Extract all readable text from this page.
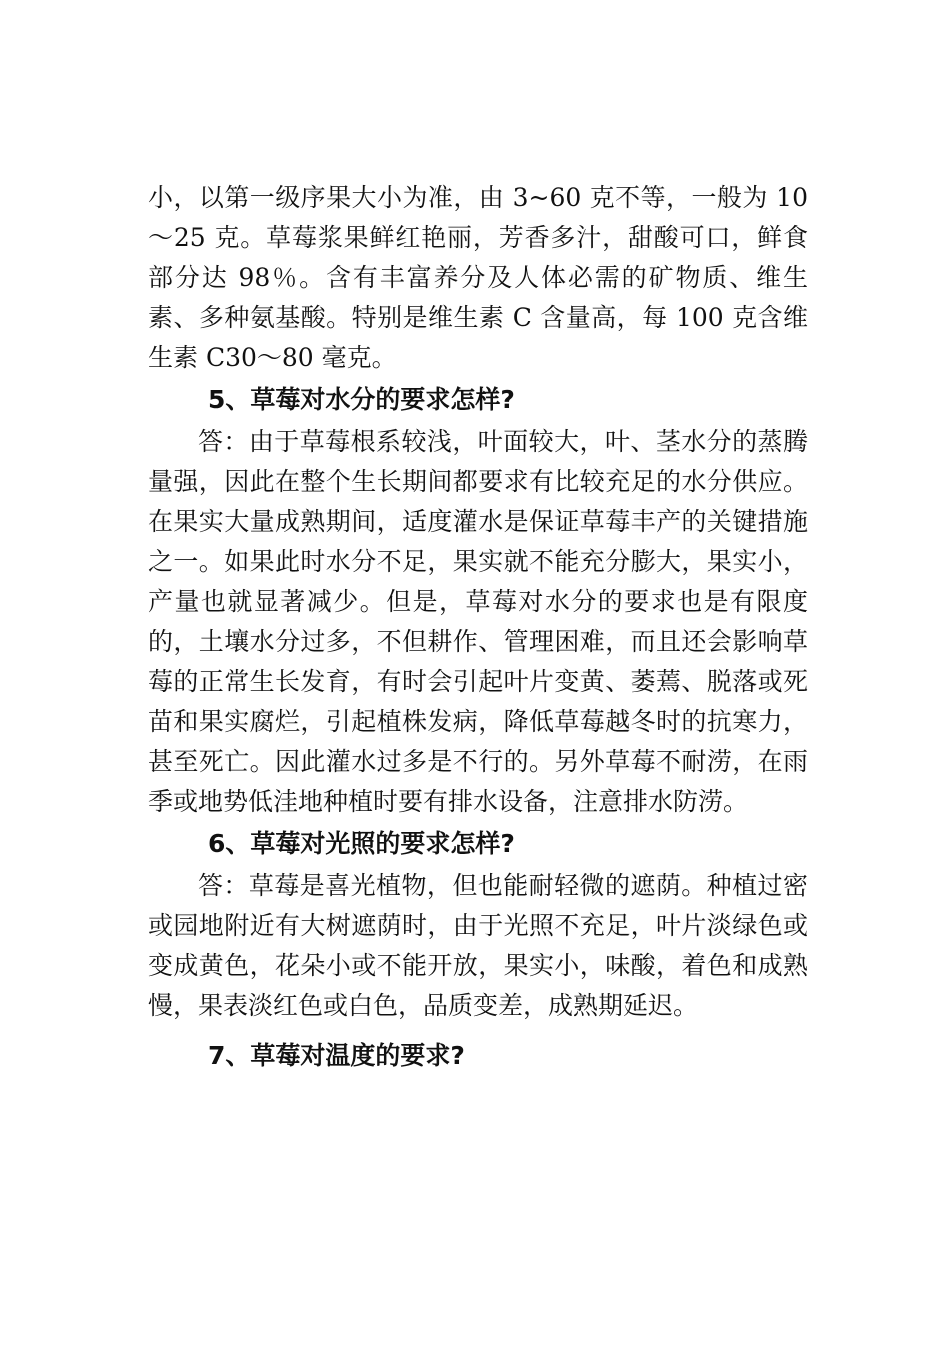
小，以第一级序果大小为准，由 3~60 克不等，一般为 10～25 克。草莓浆果鲜红艳丽，芳香多汁，甜酸可口，鲜食部分达 98％。含有丰富养分及人体必需的矿物质、维生素、多种氨基酸。特别是维生素 C 含量高，每 100 克含维生素 C30～80 毫克。

5、草莓对水分的要求怎样?

答：由于草莓根系较浅，叶面较大，叶、茎水分的蒸腾量强，因此在整个生长期间都要求有比较充足的水分供应。在果实大量成熟期间，适度灌水是保证草莓丰产的关键措施之一。如果此时水分不足，果实就不能充分膨大，果实小，产量也就显著减少。但是，草莓对水分的要求也是有限度的，土壤水分过多，不但耕作、管理困难，而且还会影响草莓的正常生长发育，有时会引起叶片变黄、萎蔫、脱落或死苗和果实腐烂，引起植株发病，降低草莓越冬时的抗寒力，甚至死亡。因此灌水过多是不行的。另外草莓不耐涝，在雨季或地势低洼地种植时要有排水设备，注意排水防涝。

6、草莓对光照的要求怎样?

答：草莓是喜光植物，但也能耐轻微的遮荫。种植过密或园地附近有大树遮荫时，由于光照不充足，叶片淡绿色或变成黄色，花朵小或不能开放，果实小，味酸，着色和成熟慢，果表淡红色或白色，品质变差，成熟期延迟。

7、草莓对温度的要求?
